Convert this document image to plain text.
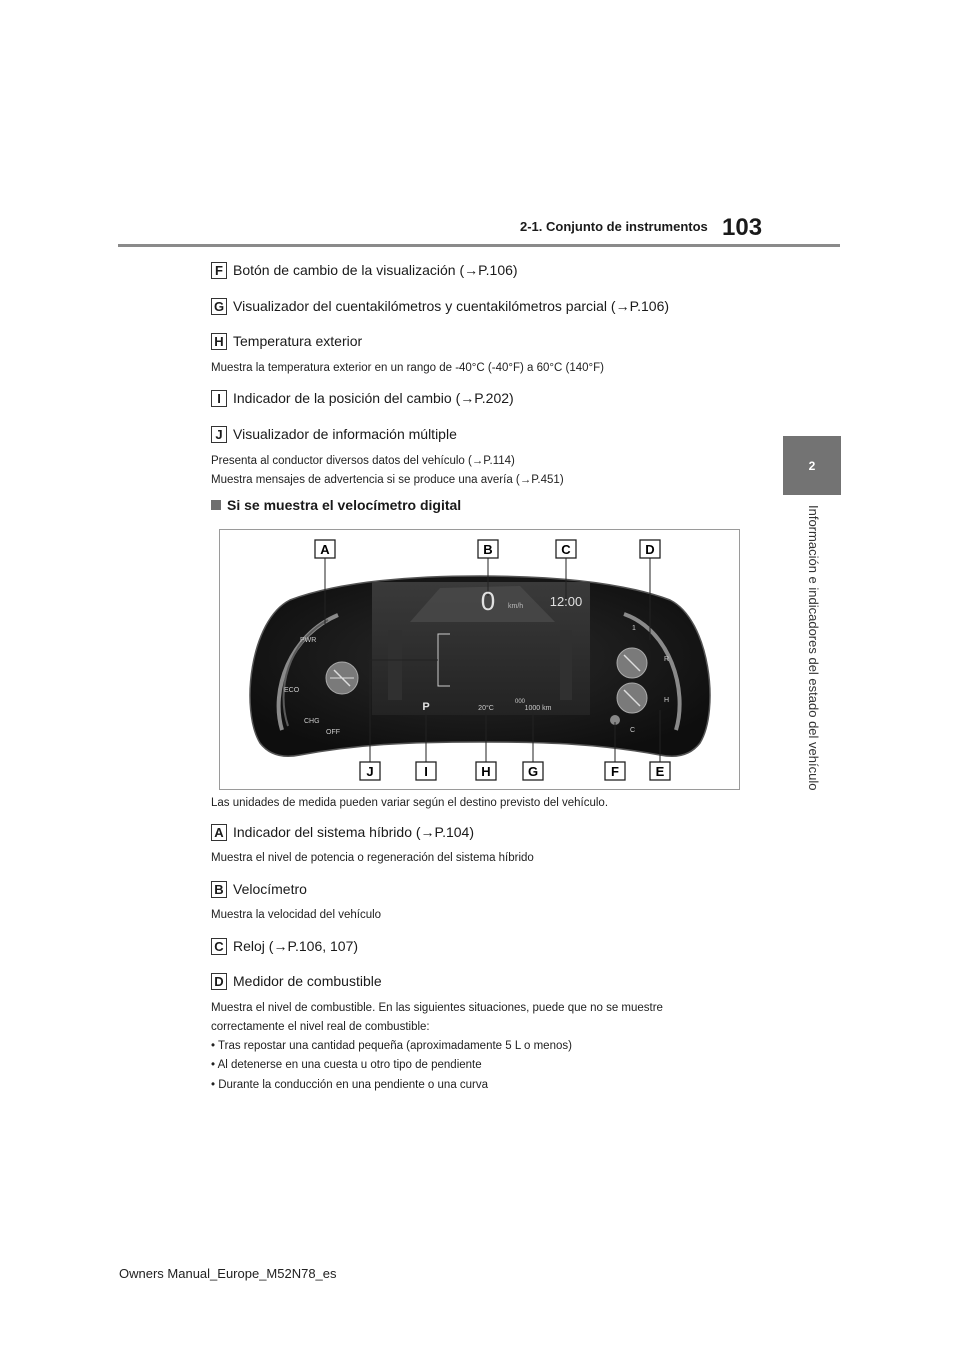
2-1. Conjunto de instrumentos 103
2
Información e indicadores del estado del vehículo
F Botón de cambio de la visualización (→P.106)
G Visualizador del cuentakilómetros y cuentakilómetros parcial (→P.106)
H Temperatura exterior
Muestra la temperatura exterior en un rango de -40°C (-40°F) a 60°C (140°F)
I Indicador de la posición del cambio (→P.202)
J Visualizador de información múltiple
Presenta al conductor diversos datos del vehículo (→P.114)
Muestra mensajes de advertencia si se produce una avería (→P.451)
Si se muestra el velocímetro digital
A	B	C	D
J	I	H	G	F	E
0 km/h 12:00
P	20°C
000
1000 km
PWR
ECO
CHG
OFF
1
R
H
C
Las unidades de medida pueden variar según el destino previsto del vehículo.
A Indicador del sistema híbrido (→P.104)
Muestra el nivel de potencia o regeneración del sistema híbrido
B Velocímetro
Muestra la velocidad del vehículo
C Reloj (→P.106, 107)
D Medidor de combustible
Muestra el nivel de combustible. En las siguientes situaciones, puede que no se muestre
correctamente el nivel real de combustible:
• Tras repostar una cantidad pequeña (aproximadamente 5 L o menos)
• Al detenerse en una cuesta u otro tipo de pendiente
• Durante la conducción en una pendiente o una curva
Owners Manual_Europe_M52N78_es
